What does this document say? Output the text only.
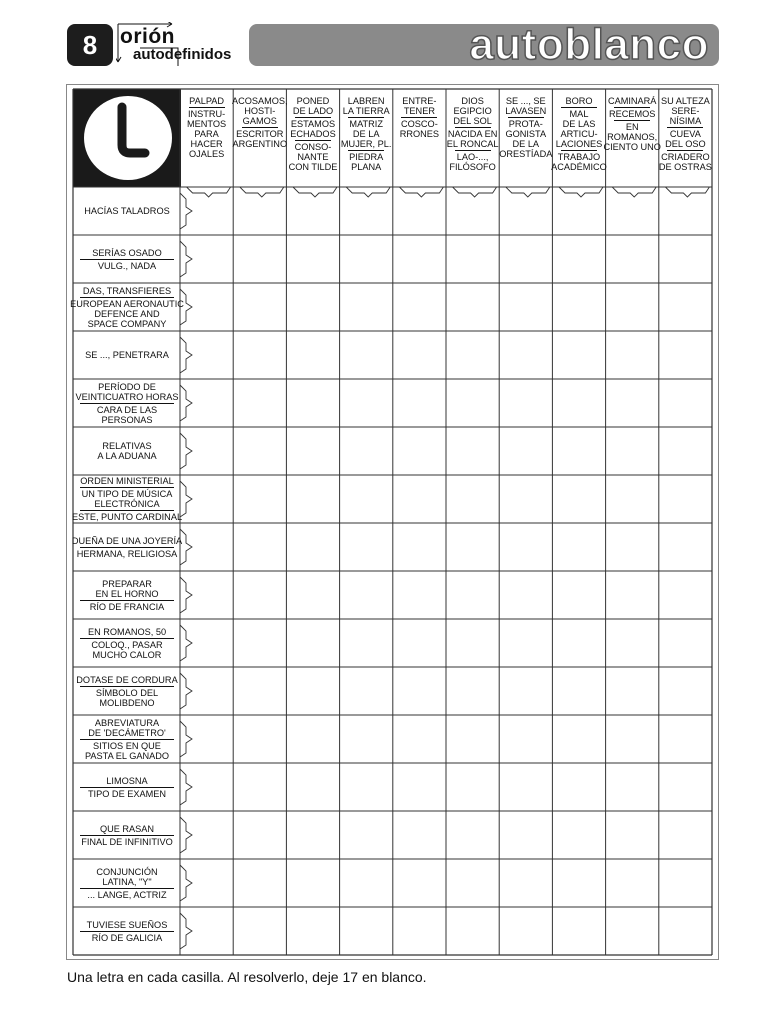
8	orión
autodefinidos	autoblanco
PALPAD
INSTRU-
MENTOS
PARA
HACER
OJALES
ACOSAMOS,
HOSTI-
GAMOS
ESCRITOR
ARGENTINO
PONED
DE LADO
ESTAMOS
ECHADOS
CONSO-
NANTE
CON TILDE
LABREN
LA TIERRA
MATRIZ
DE LA
MUJER, PL.
PIEDRA
PLANA
ENTRE-
TENER
COSCO-
RRONES
DIOS
EGIPCIO
DEL SOL
NACIDA EN
EL RONCAL
LAO-...,
FILÓSOFO
SE ..., SE
LAVASEN
PROTA-
GONISTA
DE LA
ORESTÍADA
BORO
MAL
DE LAS
ARTICU-
LACIONES
TRABAJO
ACADÉMICO
CAMINARÁ
RECEMOS
EN
ROMANOS,
CIENTO UNO
SU ALTEZA
SERE-
NÍSIMA
CUEVA
DEL OSO
CRIADERO
DE OSTRAS
HACÍAS TALADROS
SERÍAS OSADO
VULG., NADA
DAS, TRANSFIERES
EUROPEAN AERONAUTIC
DEFENCE AND
SPACE COMPANY
SE ..., PENETRARA
PERÍODO DE
VEINTICUATRO HORAS
CARA DE LAS
PERSONAS
RELATIVAS
A LA ADUANA
ORDEN MINISTERIAL
UN TIPO DE MÚSICA
ELECTRÓNICA
ESTE, PUNTO CARDINAL
DUEÑA DE UNA JOYERÍA
HERMANA, RELIGIOSA
PREPARAR
EN EL HORNO
RÍO DE FRANCIA
EN ROMANOS, 50
COLOQ., PASAR
MUCHO CALOR
DOTASE DE CORDURA
SÍMBOLO DEL
MOLIBDENO
ABREVIATURA
DE 'DECÁMETRO'
SITIOS EN QUE
PASTA EL GANADO
LIMOSNA
TIPO DE EXAMEN
QUE RASAN
FINAL DE INFINITIVO
CONJUNCIÓN
LATINA, "Y"
... LANGE, ACTRIZ
TUVIESE SUEÑOS
RÍO DE GALICIA
Una letra en cada casilla. Al resolverlo, deje 17 en blanco.
